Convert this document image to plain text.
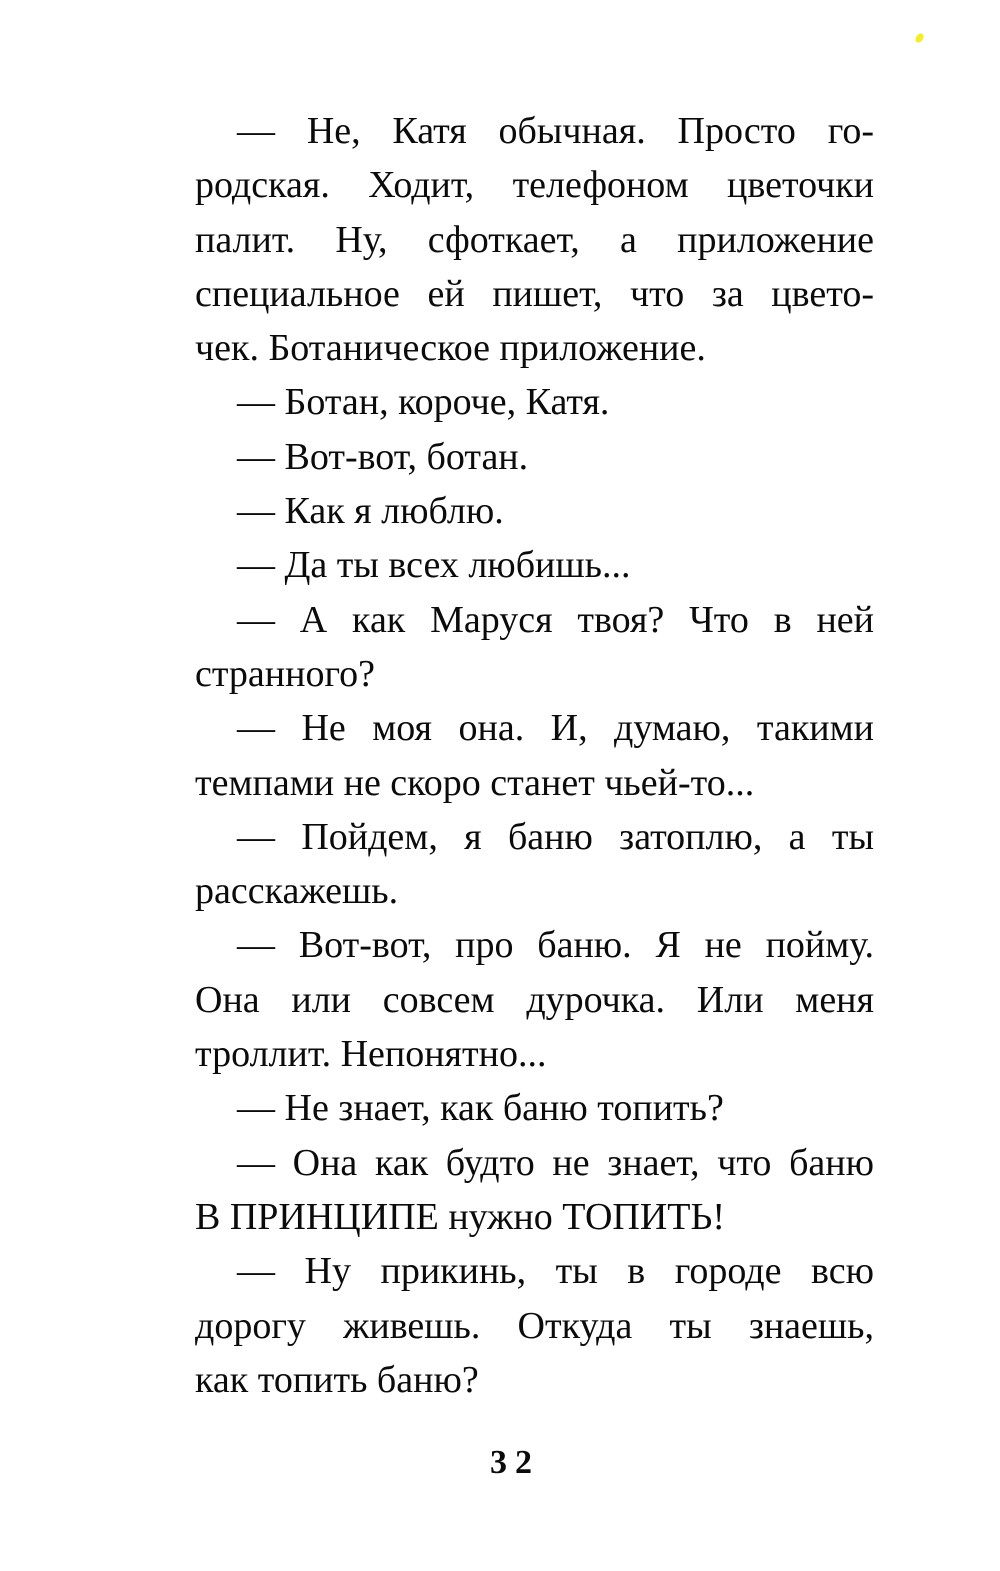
— Не, Катя обычная. Просто го-
родская. Ходит, телефоном цветочки
палит. Ну, сфоткает, а приложение
специальное ей пишет, что за цвето-
чек. Ботаническое приложение.
— Ботан, короче, Катя.
— Вот-вот, ботан.
— Как я люблю.
— Да ты всех любишь...
— А как Маруся твоя? Что в ней
странного?
— Не моя она. И, думаю, такими
темпами не скоро станет чьей-то...
— Пойдем, я баню затоплю, а ты
расскажешь.
— Вот-вот, про баню. Я не пойму.
Она или совсем дурочка. Или меня
троллит. Непонятно...
— Не знает, как баню топить?
— Она как будто не знает, что баню
В ПРИНЦИПЕ нужно ТОПИТЬ!
— Ну прикинь, ты в городе всю
дорогу живешь. Откуда ты знаешь,
как топить баню?
32
